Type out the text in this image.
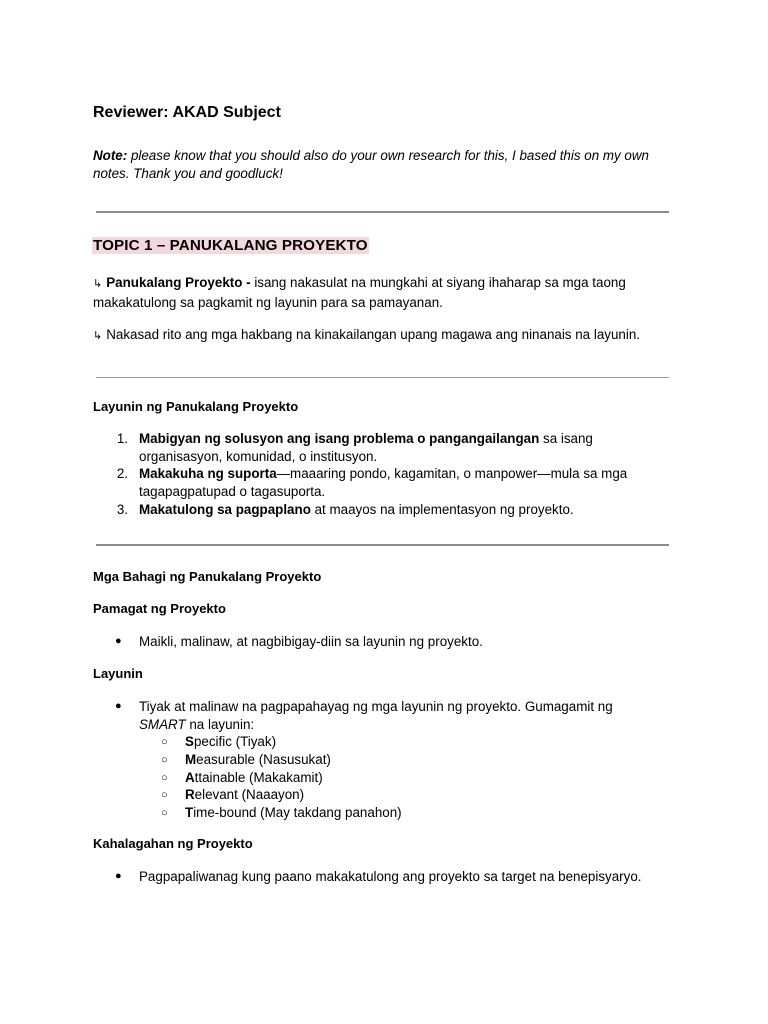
Reviewer: AKAD Subject
Note: please know that you should also do your own research for this, I based this on my own notes. Thank you and goodluck!
TOPIC 1 – PANUKALANG PROYEKTO
↳ Panukalang Proyekto - isang nakasulat na mungkahi at siyang ihaharap sa mga taong makakatulong sa pagkamit ng layunin para sa pamayanan.
↳ Nakasad rito ang mga hakbang na kinakailangan upang magawa ang ninanais na layunin.
Layunin ng Panukalang Proyekto
1. Mabigyan ng solusyon ang isang problema o pangangailangan sa isang
organisasyon, komunidad, o institusyon.
2. Makakuha ng suporta—maaaring pondo, kagamitan, o manpower—mula sa mga
tagapagpatupad o tagasuporta.
3. Makatulong sa pagpaplano at maayos na implementasyon ng proyekto.
Mga Bahagi ng Panukalang Proyekto
Pamagat ng Proyekto
● Maikli, malinaw, at nagbibigay-diin sa layunin ng proyekto.
Layunin
● Tiyak at malinaw na pagpapahayag ng mga layunin ng proyekto. Gumagamit ng
SMART na layunin:
○ Specific (Tiyak)
○ Measurable (Nasusukat)
○ Attainable (Makakamit)
○ Relevant (Naaayon)
○ Time-bound (May takdang panahon)
Kahalagahan ng Proyekto
● Pagpapaliwanag kung paano makakatulong ang proyekto sa target na benepisyaryo.
